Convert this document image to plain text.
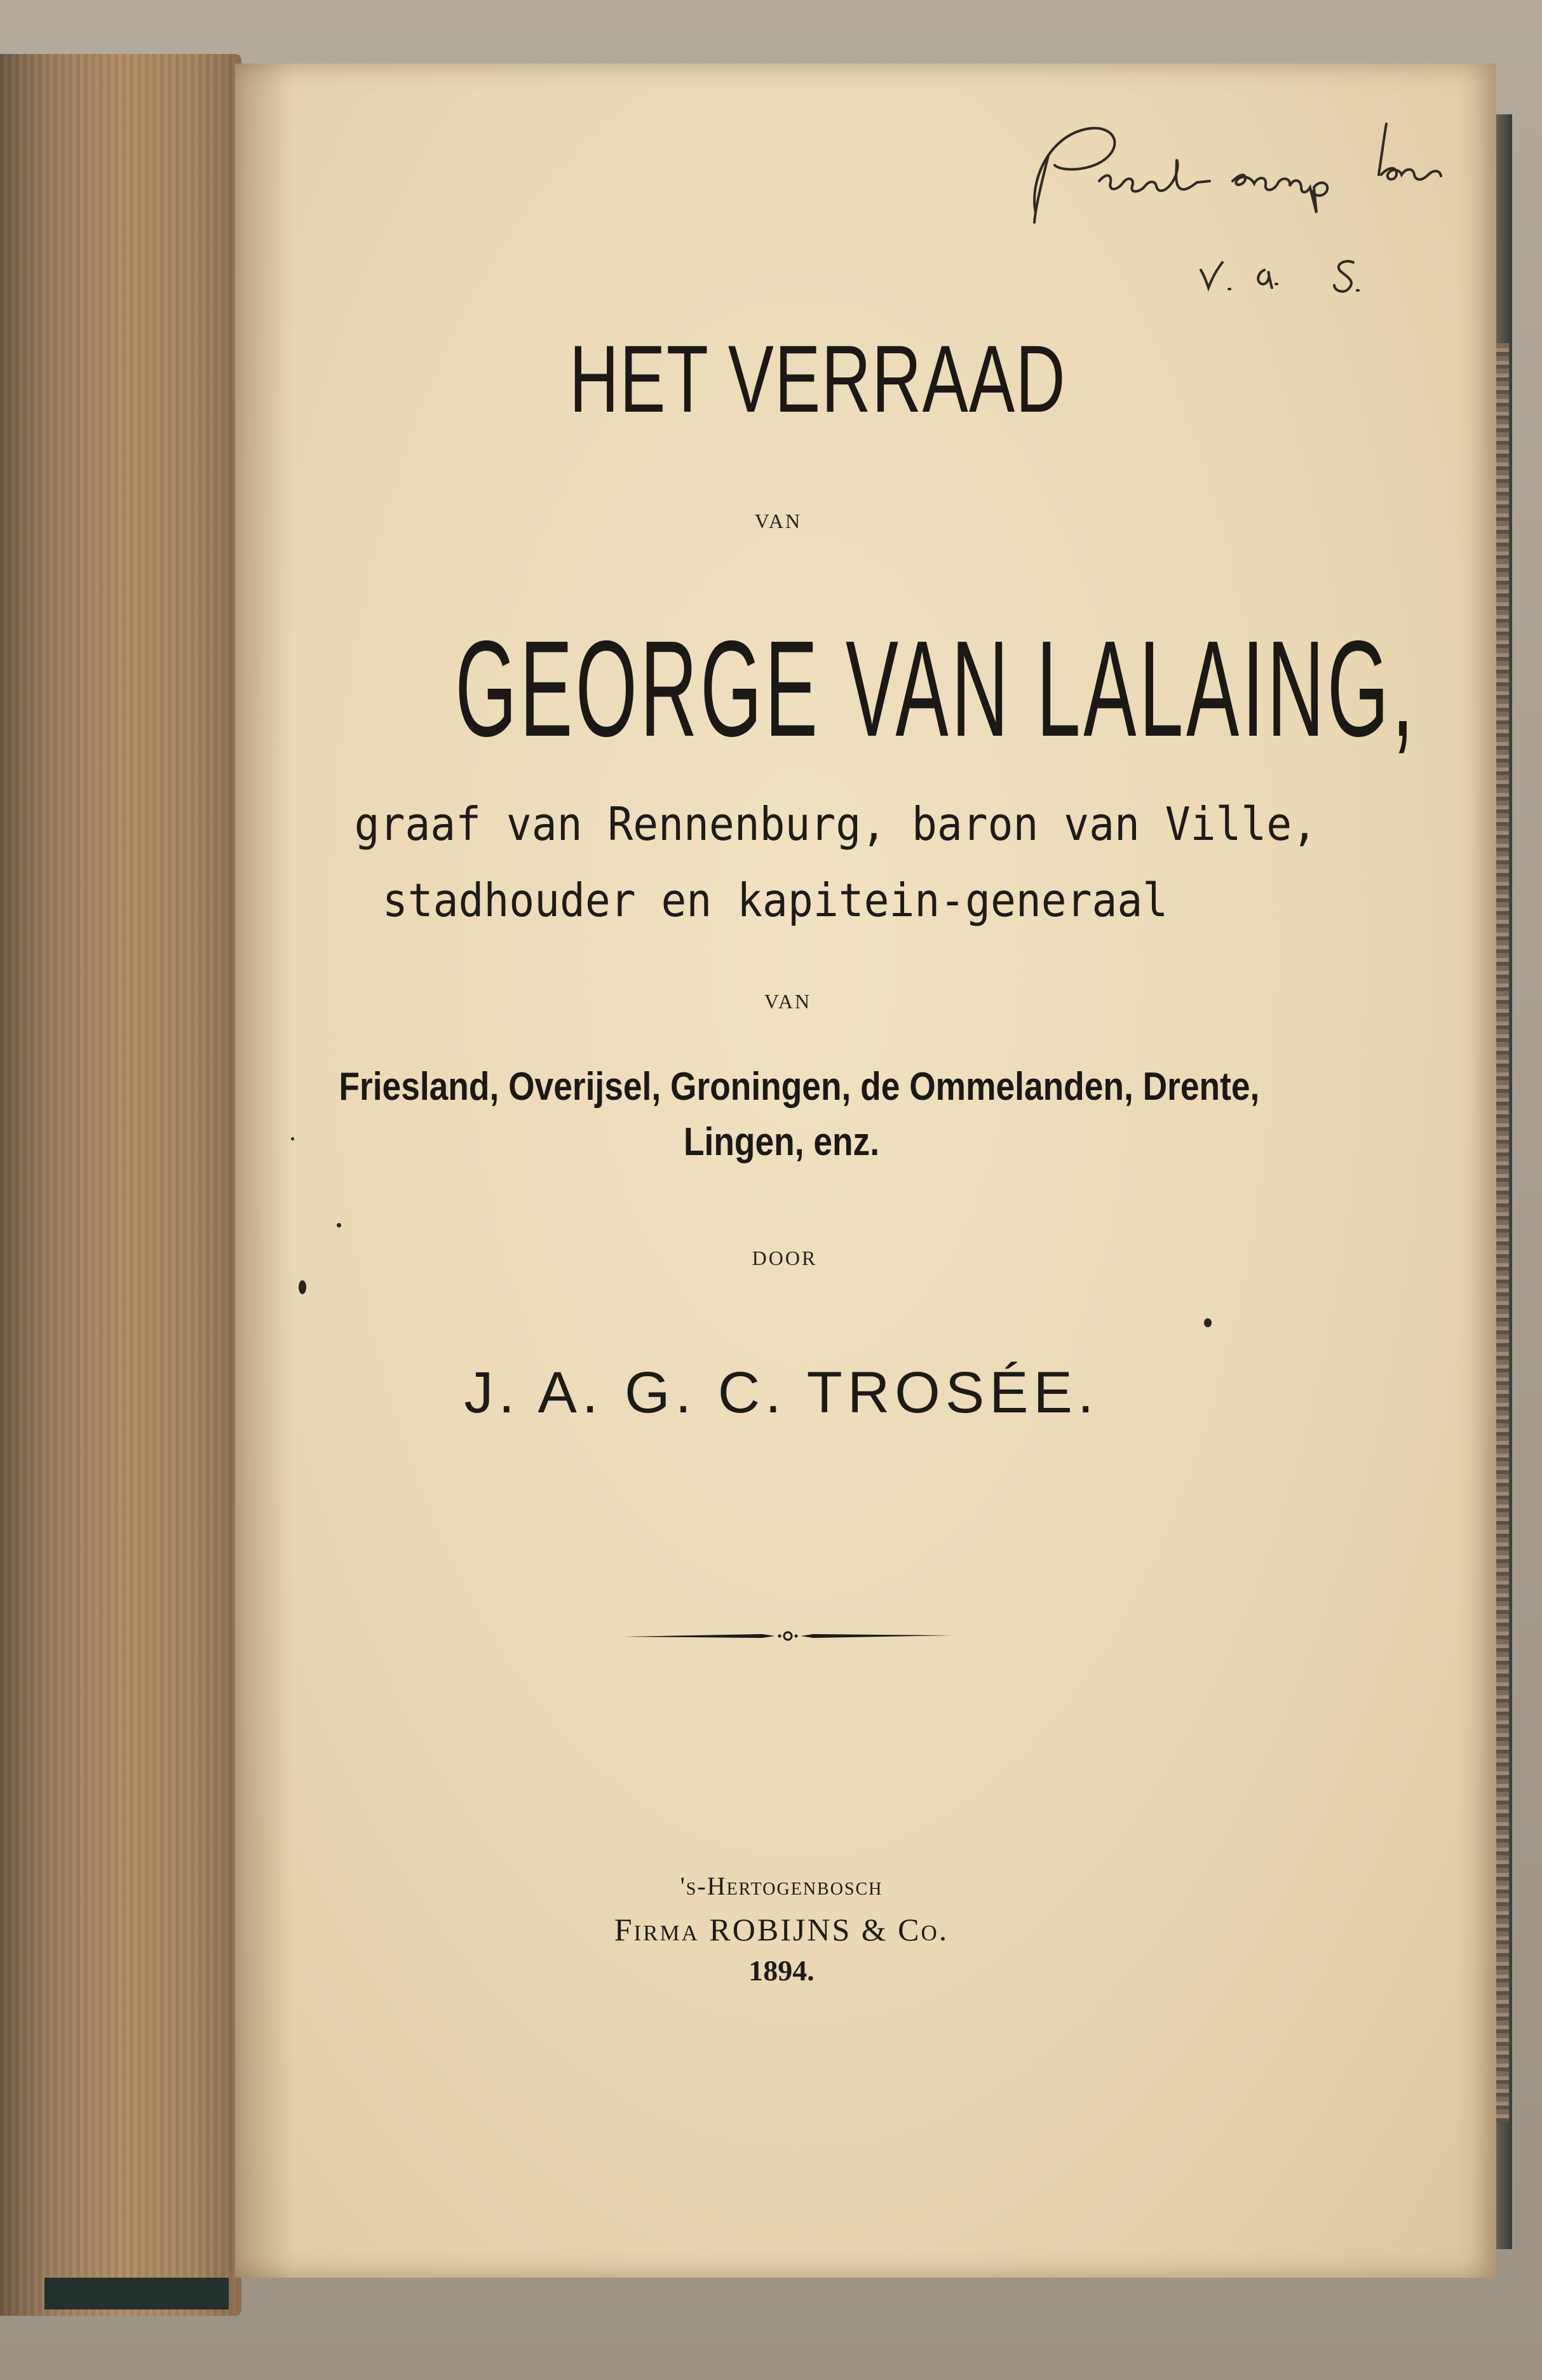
HET VERRAAD
VAN
GEORGE VAN LALAING,
graaf van Rennenburg, baron van Ville,
stadhouder en kapitein-generaal
VAN
Friesland, Overijsel, Groningen, de Ommelanden, Drente,
Lingen, enz.
DOOR
J. A. G. C. TROSÉE.
's-Hertogenbosch
Firma ROBIJNS & Co.
1894.
